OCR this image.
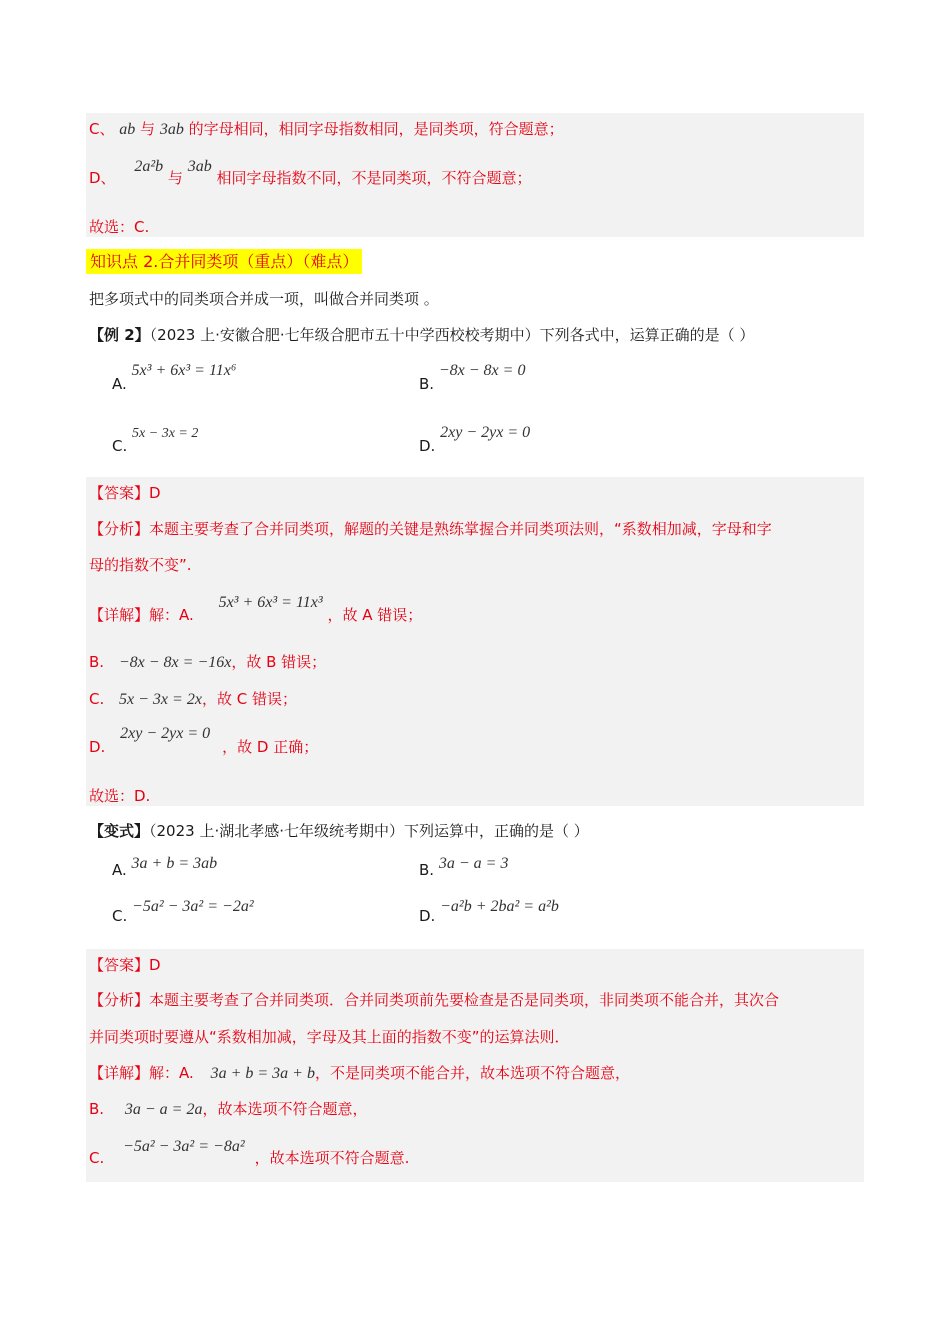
C、 ab 与 3ab 的字母相同，相同字母指数相同，是同类项，符合题意；
D、 2a²b 与 3ab 相同字母指数不同，不是同类项，不符合题意；
故选：C.
知识点 2.合并同类项（重点）（难点）
把多项式中的同类项合并成一项，叫做合并同类项 。
【例 2】（2023 上·安徽合肥·七年级合肥市五十中学西校校考期中）下列各式中，运算正确的是（ ）
A. 5x³ + 6x³ = 11x⁶
B. −8x − 8x = 0
C. 5x − 3x = 2
D. 2xy − 2yx = 0
【答案】D
【分析】本题主要考查了合并同类项，解题的关键是熟练掌握合并同类项法则，“系数相加减，字母和字
母的指数不变”.
【详解】解：A. 5x³ + 6x³ = 11x³ ，故 A 错误；
B. −8x − 8x = −16x，故 B 错误；
C. 5x − 3x = 2x，故 C 错误；
D. 2xy − 2yx = 0，故 D 正确；
故选：D.
【变式】（2023 上·湖北孝感·七年级统考期中）下列运算中，正确的是（ ）
A. 3a + b = 3ab	B. 3a − a = 3
C. −5a² − 3a² = −2a²
D. −a²b + 2ba² = a²b
【答案】D
【分析】本题主要考查了合并同类项．合并同类项前先要检查是否是同类项，非同类项不能合并，其次合
并同类项时要遵从“系数相加减，字母及其上面的指数不变”的运算法则．
【详解】解：A. 3a + b = 3a + b，不是同类项不能合并，故本选项不符合题意，
B. 3a − a = 2a，故本选项不符合题意，
C. −5a² − 3a² = −8a²，故本选项不符合题意.
